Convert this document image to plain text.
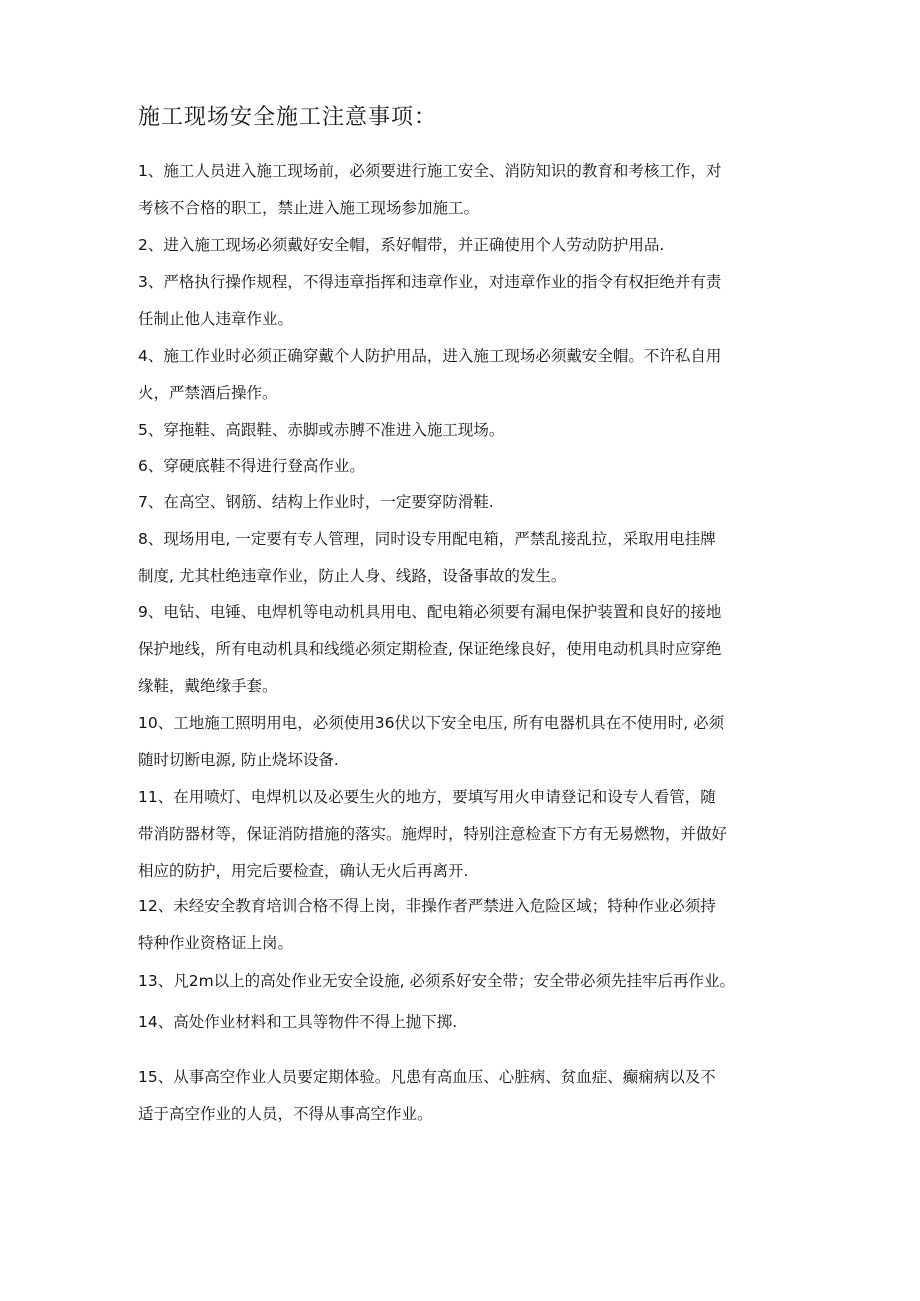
施工现场安全施工注意事项：
1、施工人员进入施工现场前，必须要进行施工安全、消防知识的教育和考核工作，对
考核不合格的职工，禁止进入施工现场参加施工。
2、进入施工现场必须戴好安全帽，系好帽带，并正确使用个人劳动防护用品.
3、严格执行操作规程，不得违章指挥和违章作业，对违章作业的指令有权拒绝并有责
任制止他人违章作业。
4、施工作业时必须正确穿戴个人防护用品，进入施工现场必须戴安全帽。不许私自用
火，严禁酒后操作。
5、穿拖鞋、高跟鞋、赤脚或赤膊不准进入施工现场。
6、穿硬底鞋不得进行登高作业。
7、在高空、钢筋、结构上作业时，一定要穿防滑鞋.
8、现场用电, 一定要有专人管理，同时设专用配电箱，严禁乱接乱拉，采取用电挂牌
制度, 尤其杜绝违章作业，防止人身、线路，设备事故的发生。
9、电钻、电锤、电焊机等电动机具用电、配电箱必须要有漏电保护装置和良好的接地
保护地线，所有电动机具和线缆必须定期检查, 保证绝缘良好，使用电动机具时应穿绝
缘鞋，戴绝缘手套。
10、工地施工照明用电，必须使用36伏以下安全电压, 所有电器机具在不使用时, 必须
随时切断电源, 防止烧坏设备.
11、在用喷灯、电焊机以及必要生火的地方，要填写用火申请登记和设专人看管，随
带消防器材等，保证消防措施的落实。施焊时，特别注意检查下方有无易燃物，并做好
相应的防护，用完后要检查，确认无火后再离开.
12、未经安全教育培训合格不得上岗，非操作者严禁进入危险区域；特种作业必须持
特种作业资格证上岗。
13、凡2m以上的高处作业无安全设施, 必须系好安全带；安全带必须先挂牢后再作业。
14、高处作业材料和工具等物件不得上抛下掷.
15、从事高空作业人员要定期体验。凡患有高血压、心脏病、贫血症、癫痫病以及不
适于高空作业的人员，不得从事高空作业。
